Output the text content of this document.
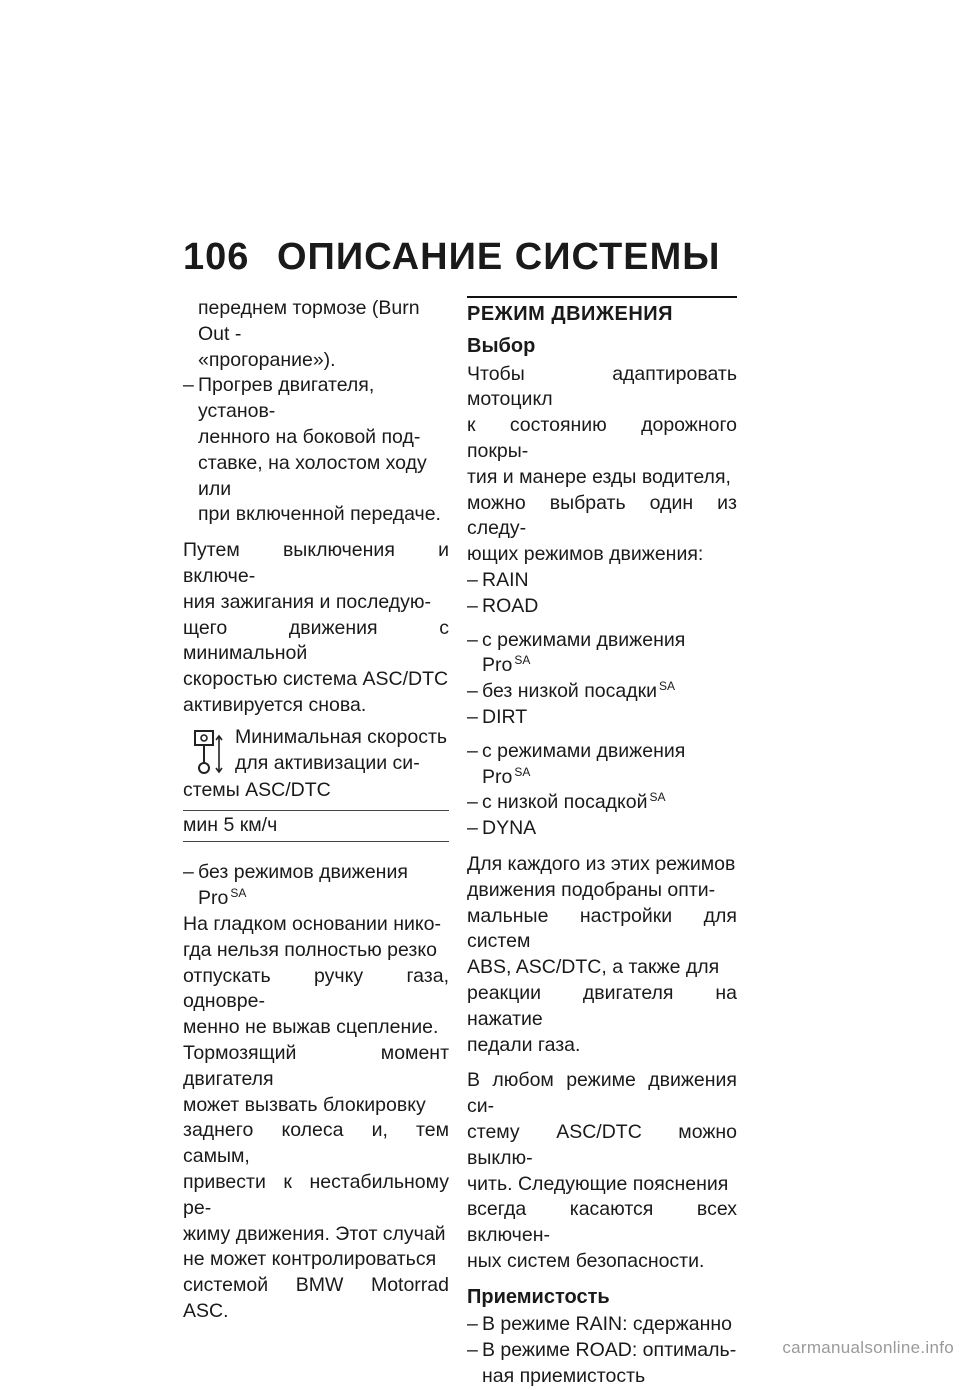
106 ОПИСАНИЕ СИСТЕМЫ
переднем тормозе (Burn Out -
«прогорание»).
– Прогрев двигателя, установ-
ленного на боковой под-
ставке, на холостом ходу или
при включенной передаче.
Путем выключения и включе-
ния зажигания и последую-
щего движения с минимальной
скоростью система ASC/DTC
активируется снова.
Минимальная скорость
для активизации си-
стемы ASC/DTC
мин 5 км/ч
– без режимов движения Pro $^{SA}$
На гладком основании нико-
гда нельзя полностью резко
отпускать ручку газа, одновре-
менно не выжав сцепление.
Тормозящий момент двигателя
может вызвать блокировку
заднего колеса и, тем самым,
привести к нестабильному ре-
жиму движения. Этот случай
не может контролироваться
системой BMW Motorrad ASC.
РЕЖИМ ДВИЖЕНИЯ
Выбор
Чтобы адаптировать мотоцикл
к состоянию дорожного покры-
тия и манере езды водителя,
можно выбрать один из следу-
ющих режимов движения:
– RAIN
– ROAD
– с режимами движения Pro $^{SA}$
– без низкой посадки $^{SA}$
– DIRT
– с режимами движения Pro $^{SA}$
– с низкой посадкой $^{SA}$
– DYNA
Для каждого из этих режимов
движения подобраны опти-
мальные настройки для систем
ABS, ASC/DTC, а также для
реакции двигателя на нажатие
педали газа.
В любом режиме движения си-
стему ASC/DTC можно выклю-
чить. Следующие пояснения
всегда касаются всех включен-
ных систем безопасности.
Приемистость
– В режиме RAIN: сдержанно
– В режиме ROAD: оптималь-
ная приемистость
carmanualsonline.info
